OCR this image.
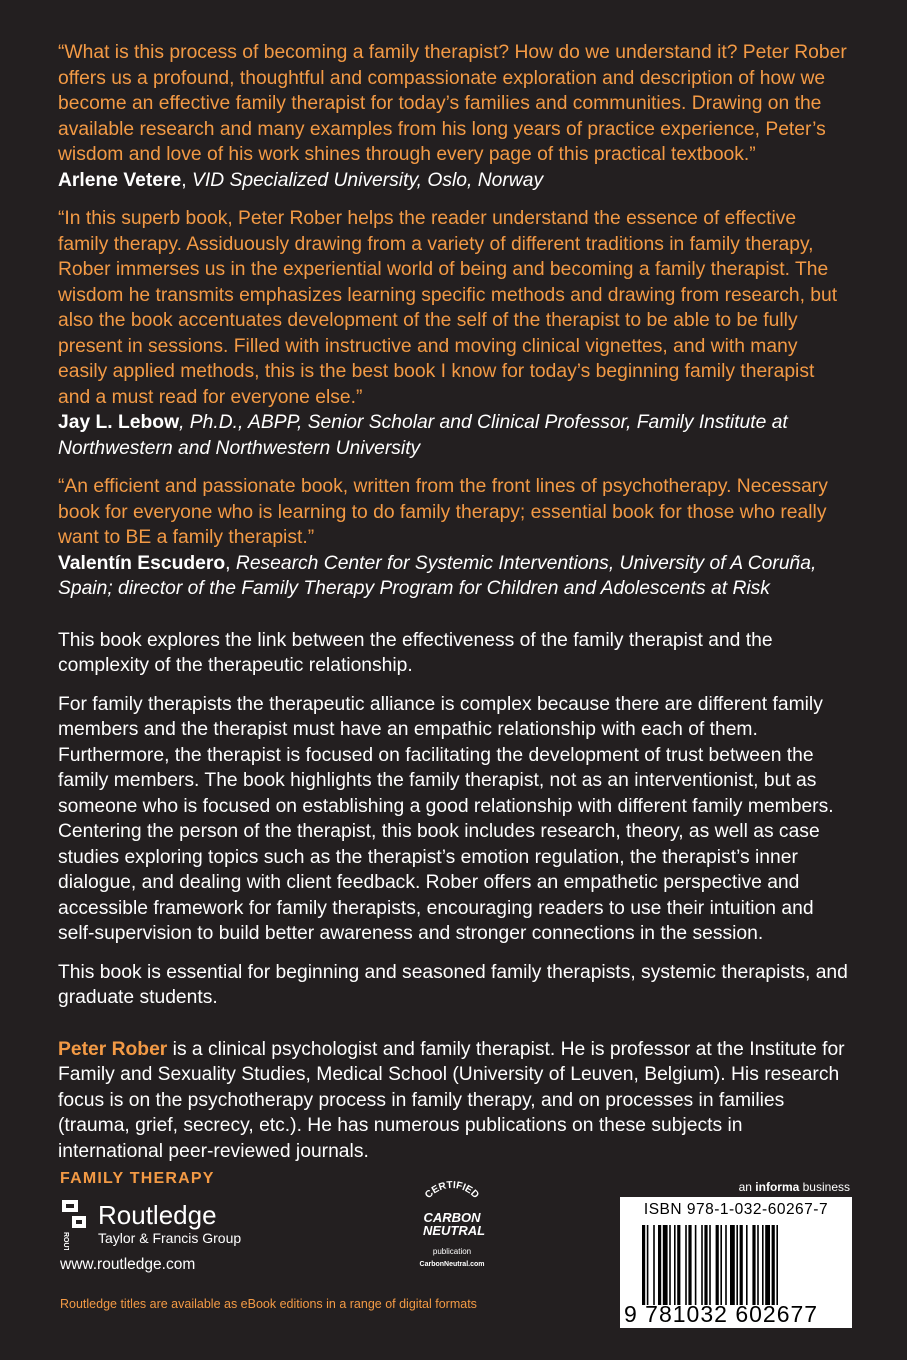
“What is this process of becoming a family therapist? How do we understand it? Peter Rober offers us a profound, thoughtful and compassionate exploration and description of how we become an effective family therapist for today’s families and communities. Drawing on the available research and many examples from his long years of practice experience, Peter’s wisdom and love of his work shines through every page of this practical textbook.”

Arlene Vetere, VID Specialized University, Oslo, Norway

“In this superb book, Peter Rober helps the reader understand the essence of effective family therapy. Assiduously drawing from a variety of different traditions in family therapy, Rober immerses us in the experiential world of being and becoming a family therapist. The wisdom he transmits emphasizes learning specific methods and drawing from research, but also the book accentuates development of the self of the therapist to be able to be fully present in sessions. Filled with instructive and moving clinical vignettes, and with many easily applied methods, this is the best book I know for today’s beginning family therapist and a must read for everyone else.”

Jay L. Lebow, Ph.D., ABPP, Senior Scholar and Clinical Professor, Family Institute at Northwestern and Northwestern University

“An efficient and passionate book, written from the front lines of psychotherapy. Necessary book for everyone who is learning to do family therapy; essential book for those who really want to BE a family therapist.”

Valentín Escudero, Research Center for Systemic Interventions, University of A Coruña, Spain; director of the Family Therapy Program for Children and Adolescents at Risk

This book explores the link between the effectiveness of the family therapist and the complexity of the therapeutic relationship.

For family therapists the therapeutic alliance is complex because there are different family members and the therapist must have an empathic relationship with each of them. Furthermore, the therapist is focused on facilitating the development of trust between the family members. The book highlights the family therapist, not as an interventionist, but as someone who is focused on establishing a good relationship with different family members. Centering the person of the therapist, this book includes research, theory, as well as case studies exploring topics such as the therapist’s emotion regulation, the therapist’s inner dialogue, and dealing with client feedback. Rober offers an empathetic perspective and accessible framework for family therapists, encouraging readers to use their intuition and self-supervision to build better awareness and stronger connections in the session.

This book is essential for beginning and seasoned family therapists, systemic therapists, and graduate students.

Peter Rober is a clinical psychologist and family therapist. He is professor at the Institute for Family and Sexuality Studies, Medical School (University of Leuven, Belgium). His research focus is on the psychotherapy process in family therapy, and on processes in families (trauma, grief, secrecy, etc.). He has numerous publications on these subjects in international peer-reviewed journals.

FAMILY THERAPY
Routledge
Taylor & Francis Group
www.routledge.com
CERTIFIED
CARBON
NEUTRAL
publication
CarbonNeutral.com
an informa business
ISBN 978-1-032-60267-7
9 781032 602677
Routledge titles are available as eBook editions in a range of digital formats
